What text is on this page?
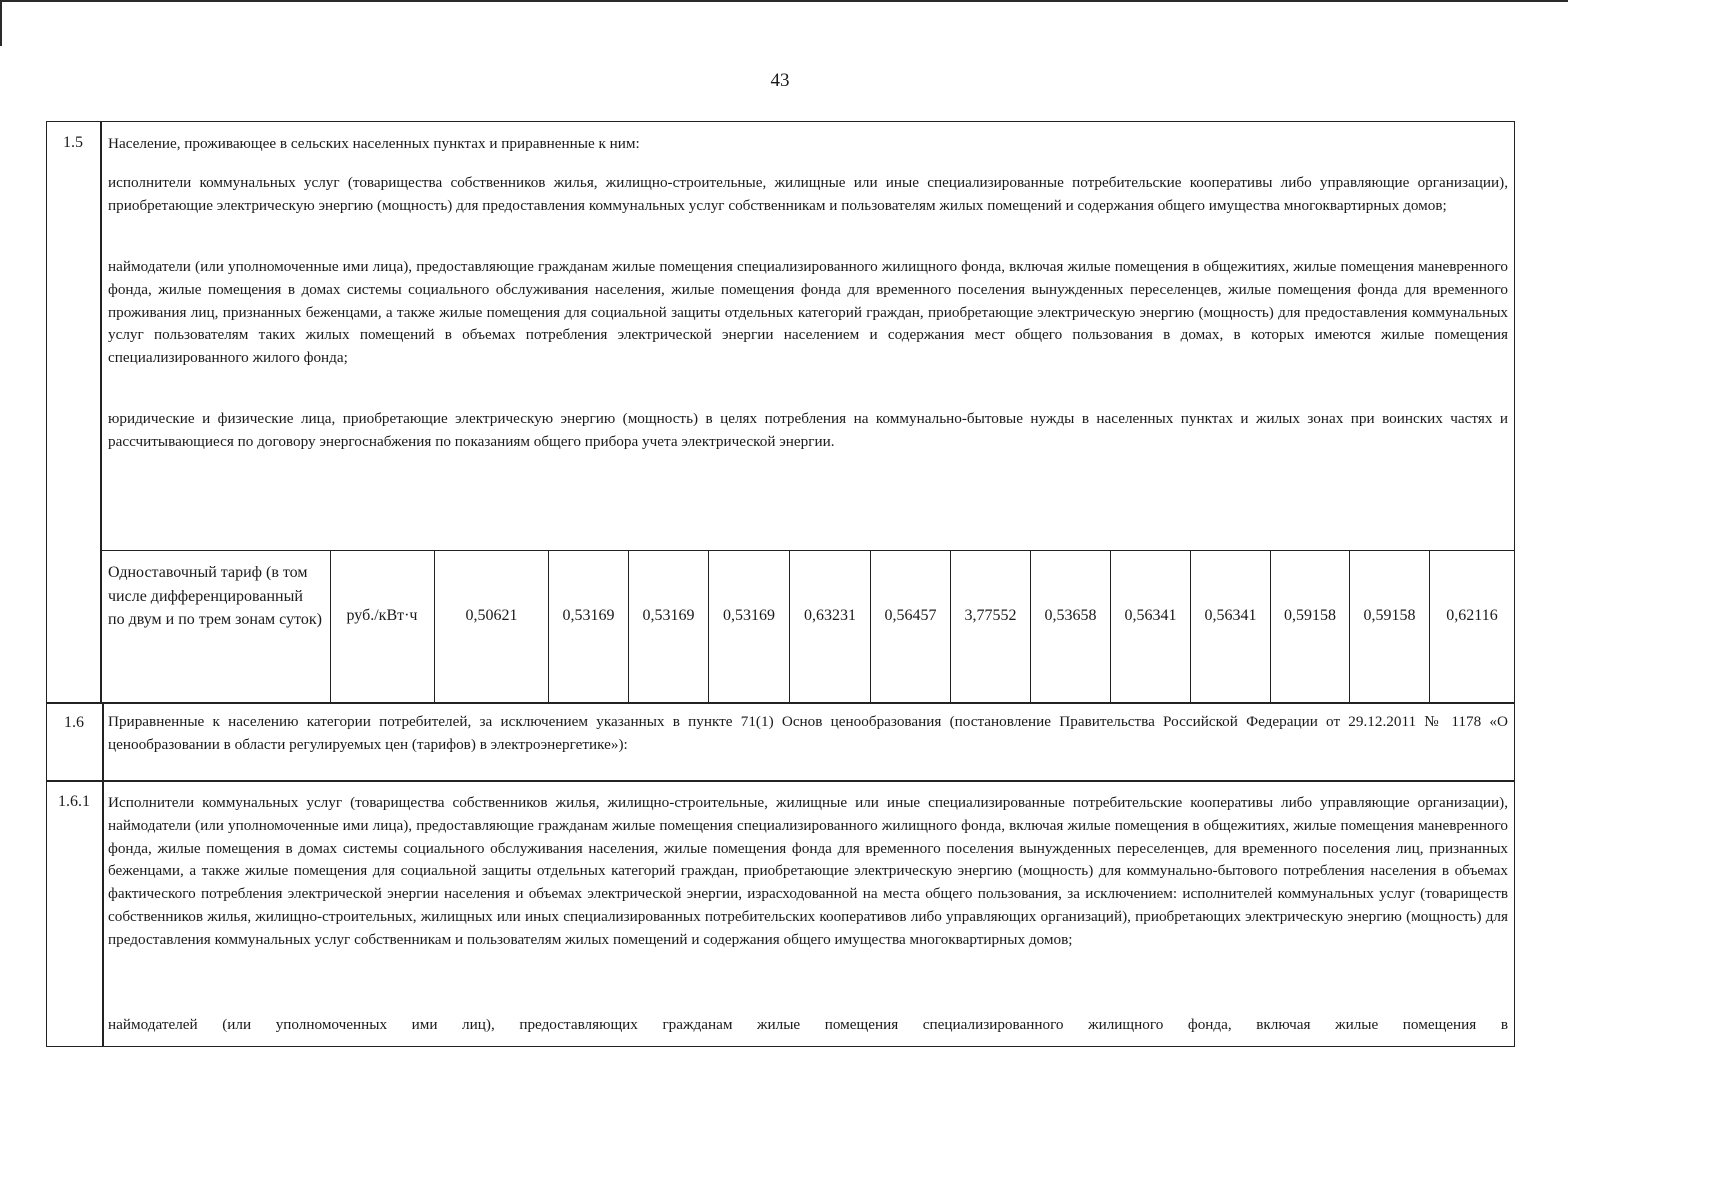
43
1.5	Население, проживающее в сельских населенных пунктах и приравненные к ним:

исполнители коммунальных услуг (товарищества собственников жилья, жилищно-строительные, жилищные или иные специализированные потребительские кооперативы либо управляющие организации), приобретающие электрическую энергию (мощность) для предоставления коммунальных услуг собственникам и пользователям жилых помещений и содержания общего имущества многоквартирных домов;

наймодатели (или уполномоченные ими лица), предоставляющие гражданам жилые помещения специализированного жилищного фонда, включая жилые помещения в общежитиях, жилые помещения маневренного фонда, жилые помещения в домах системы социального обслуживания населения, жилые помещения фонда для временного поселения вынужденных переселенцев, жилые помещения фонда для временного проживания лиц, признанных беженцами, а также жилые помещения для социальной защиты отдельных категорий граждан, приобретающие электрическую энергию (мощность) для предоставления коммунальных услуг пользователям таких жилых помещений в объемах потребления электрической энергии населением и содержания мест общего пользования в домах, в которых имеются жилые помещения специализированного жилого фонда;

юридические и физические лица, приобретающие электрическую энергию (мощность) в целях потребления на коммунально-бытовые нужды в населенных пунктах и жилых зонах при воинских частях и рассчитывающиеся по договору энергоснабжения по показаниям общего прибора учета электрической энергии.

Одноставочный тариф (в том числе дифференцированный по двум и по трем зонам суток)	руб./кВт·ч	0,50621	0,53169	0,53169	0,53169	0,63231	0,56457	3,77552	0,53658	0,56341	0,56341	0,59158	0,59158	0,62116
1.6	Приравненные к населению категории потребителей, за исключением указанных в пункте 71(1) Основ ценообразования (постановление Правительства Российской Федерации от 29.12.2011 № 1178 «О ценообразовании в области регулируемых цен (тарифов) в электроэнергетике»):

1.6.1	Исполнители коммунальных услуг (товарищества собственников жилья, жилищно-строительные, жилищные или иные специализированные потребительские кооперативы либо управляющие организации), наймодатели (или уполномоченные ими лица), предоставляющие гражданам жилые помещения специализированного жилищного фонда, включая жилые помещения в общежитиях, жилые помещения маневренного фонда, жилые помещения в домах системы социального обслуживания населения, жилые помещения фонда для временного поселения вынужденных переселенцев, для временного поселения лиц, признанных беженцами, а также жилые помещения для социальной защиты отдельных категорий граждан, приобретающие электрическую энергию (мощность) для коммунально-бытового потребления населения в объемах фактического потребления электрической энергии населения и объемах электрической энергии, израсходованной на места общего пользования, за исключением: исполнителей коммунальных услуг (товариществ собственников жилья, жилищно-строительных, жилищных или иных специализированных потребительских кооперативов либо управляющих организаций), приобретающих электрическую энергию (мощность) для предоставления коммунальных услуг собственникам и пользователям жилых помещений и содержания общего имущества многоквартирных домов;

наймодателей (или уполномоченных ими лиц), предоставляющих гражданам жилые помещения специализированного жилищного фонда, включая жилые помещения в
